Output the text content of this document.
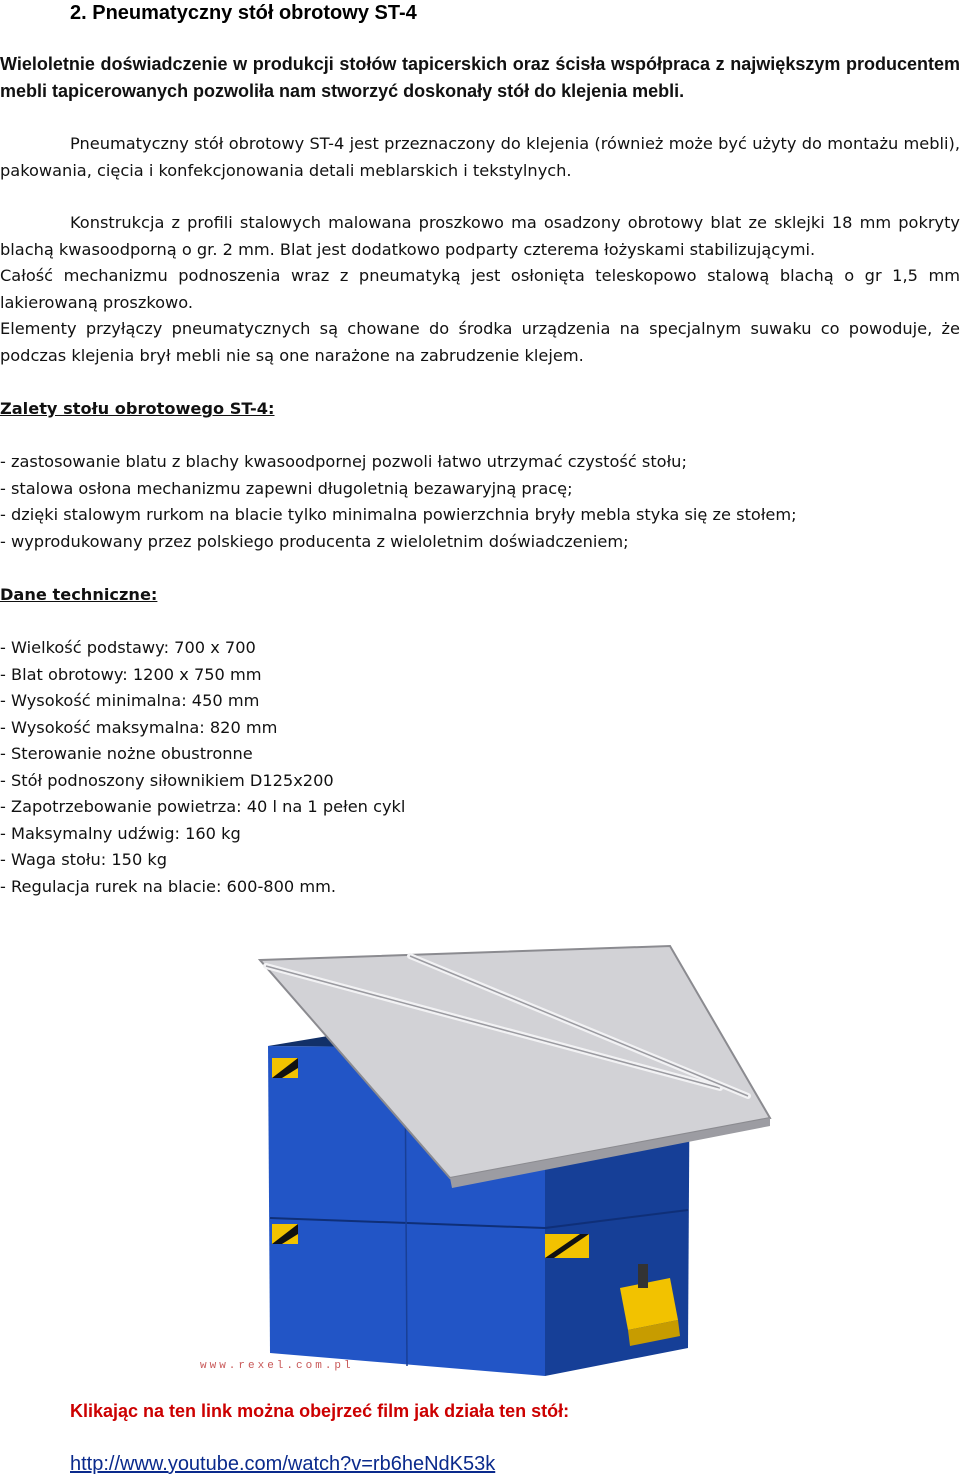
2. Pneumatyczny stół obrotowy ST-4

Wieloletnie doświadczenie w produkcji stołów tapicerskich oraz ścisła współpraca z największym producentem mebli tapicerowanych pozwoliła nam stworzyć doskonały stół do klejenia mebli.

Pneumatyczny stół obrotowy ST-4 jest przeznaczony do klejenia (również może być użyty do montażu mebli), pakowania, cięcia i konfekcjonowania detali meblarskich i tekstylnych.

Konstrukcja z profili stalowych malowana proszkowo ma osadzony obrotowy blat ze sklejki 18 mm pokryty blachą kwasoodporną o gr. 2 mm. Blat jest dodatkowo podparty czterema łożyskami stabilizującymi.

Całość mechanizmu podnoszenia wraz z pneumatyką jest osłonięta teleskopowo stalową blachą o gr 1,5 mm lakierowaną proszkowo.

Elementy przyłączy pneumatycznych są chowane do środka urządzenia na specjalnym suwaku co powoduje, że podczas klejenia brył mebli nie są one narażone na zabrudzenie klejem.

Zalety stołu obrotowego ST-4:
- zastosowanie blatu z blachy kwasoodpornej pozwoli łatwo utrzymać czystość stołu;
- stalowa osłona mechanizmu zapewni długoletnią bezawaryjną pracę;
- dzięki stalowym rurkom na blacie tylko minimalna powierzchnia bryły mebla styka się ze stołem;
- wyprodukowany przez polskiego producenta z wieloletnim doświadczeniem;
Dane techniczne:
- Wielkość podstawy: 700 x 700
- Blat obrotowy: 1200 x 750 mm
- Wysokość minimalna: 450 mm
- Wysokość maksymalna: 820 mm
- Sterowanie nożne obustronne
- Stół podnoszony siłownikiem D125x200
- Zapotrzebowanie powietrza: 40 l na 1 pełen cykl
- Maksymalny udźwig: 160 kg
- Waga stołu: 150 kg
- Regulacja rurek na blacie: 600-800 mm.
www.rexel.com.pl
Klikając na ten link można obejrzeć film jak działa ten stół:
http://www.youtube.com/watch?v=rb6heNdK53k
